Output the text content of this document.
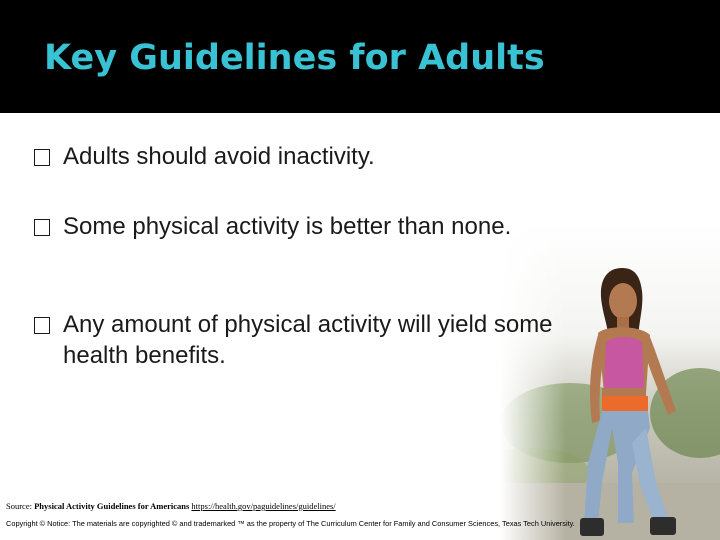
Key Guidelines for Adults
Adults should avoid inactivity.
Some physical activity is better than none.
Any amount of physical activity will yield some health benefits.
Source: Physical Activity Guidelines for Americans https://health.gov/paguidelines/guidelines/
Copyright © Notice: The materials are copyrighted © and trademarked ™ as the property of The Curriculum Center for Family and Consumer Sciences, Texas Tech University.
